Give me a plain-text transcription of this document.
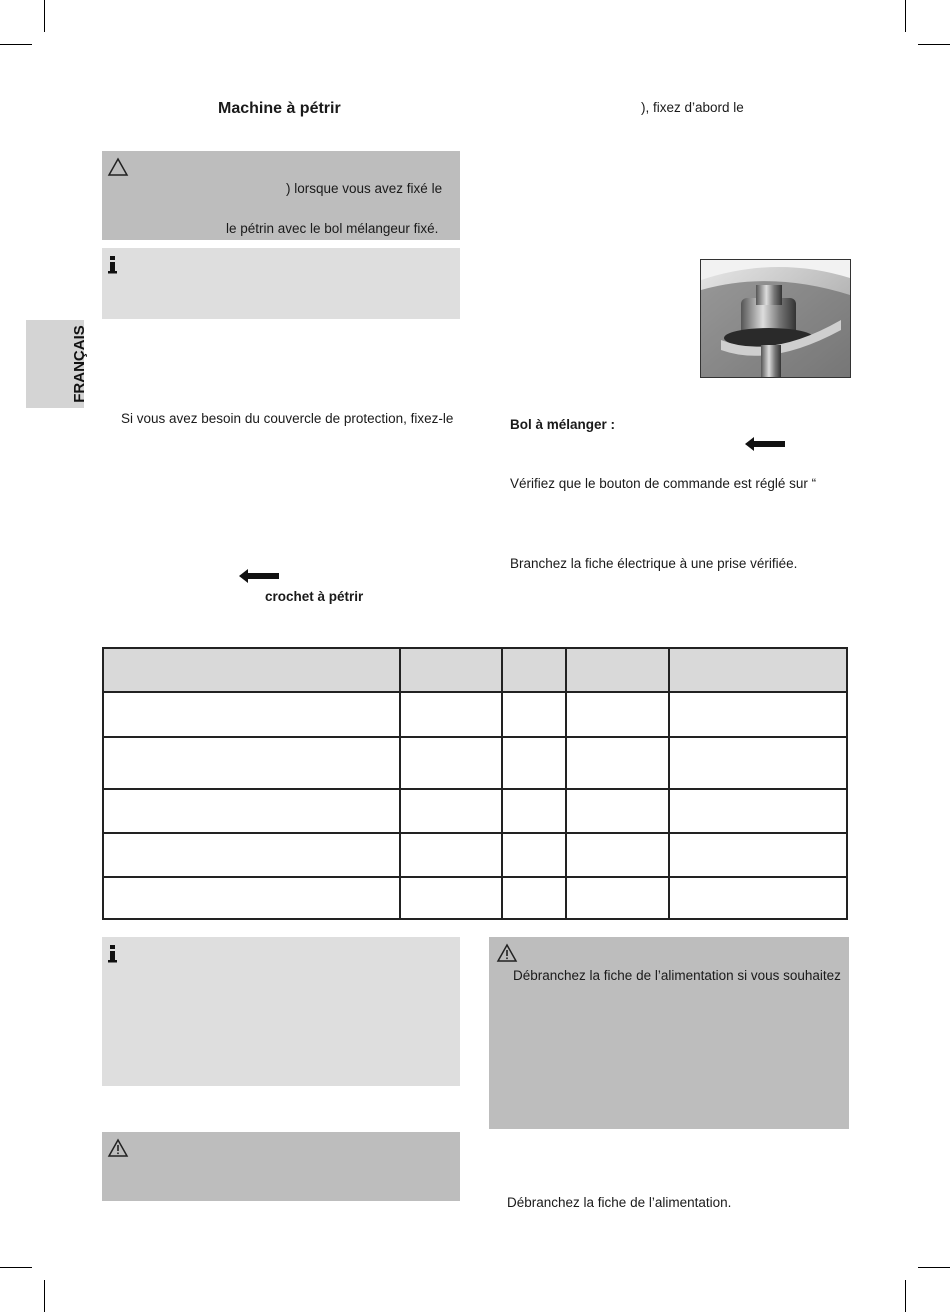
FRANÇAIS
Machine à pétrir	), fixez d’abord le
) lorsque vous avez fixé le
le pétrin avec le bol mélangeur fixé.
Si vous avez besoin du couvercle de protection, fixez-le
crochet à pétrir
Bol à mélanger :
Vérifiez que le bouton de commande est réglé sur “
Branchez la fiche électrique à une prise vérifiée.

Débranchez la fiche de l’alimentation si vous souhaitez
Débranchez la fiche de l’alimentation.
